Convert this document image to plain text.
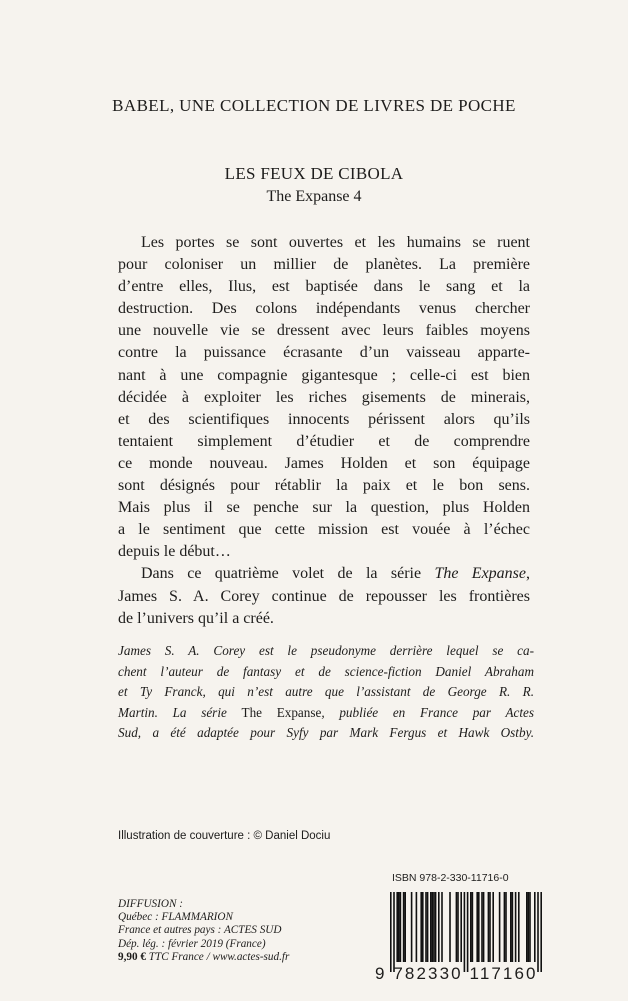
BABEL, UNE COLLECTION DE LIVRES DE POCHE
LES FEUX DE CIBOLA
The Expanse 4

Les portes se sont ouvertes et les humains se ruent
pour coloniser un millier de planètes. La première
d’entre elles, Ilus, est baptisée dans le sang et la
destruction. Des colons indépendants venus chercher
une nouvelle vie se dressent avec leurs faibles moyens
contre la puissance écrasante d’un vaisseau apparte-
nant à une compagnie gigantesque ; celle-ci est bien
décidée à exploiter les riches gisements de minerais,
et des scientifiques innocents périssent alors qu’ils
tentaient simplement d’étudier et de comprendre
ce monde nouveau. James Holden et son équipage
sont désignés pour rétablir la paix et le bon sens.
Mais plus il se penche sur la question, plus Holden
a le sentiment que cette mission est vouée à l’échec
depuis le début…

Dans ce quatrième volet de la série The Expanse,
James S. A. Corey continue de repousser les frontières
de l’univers qu’il a créé.

James S. A. Corey est le pseudonyme derrière lequel se ca-
chent l’auteur de fantasy et de science-fiction Daniel Abraham
et Ty Franck, qui n’est autre que l’assistant de George R. R.
Martin. La série The Expanse, publiée en France par Actes
Sud, a été adaptée pour Syfy par Mark Fergus et Hawk Ostby.
Illustration de couverture : © Daniel Dociu
ISBN 978-2-330-11716-0
9 782330 117160
DIFFUSION :
Québec : FLAMMARION
France et autres pays : ACTES SUD
Dép. lég. : février 2019 (France)
9,90 € TTC France / www.actes-sud.fr
